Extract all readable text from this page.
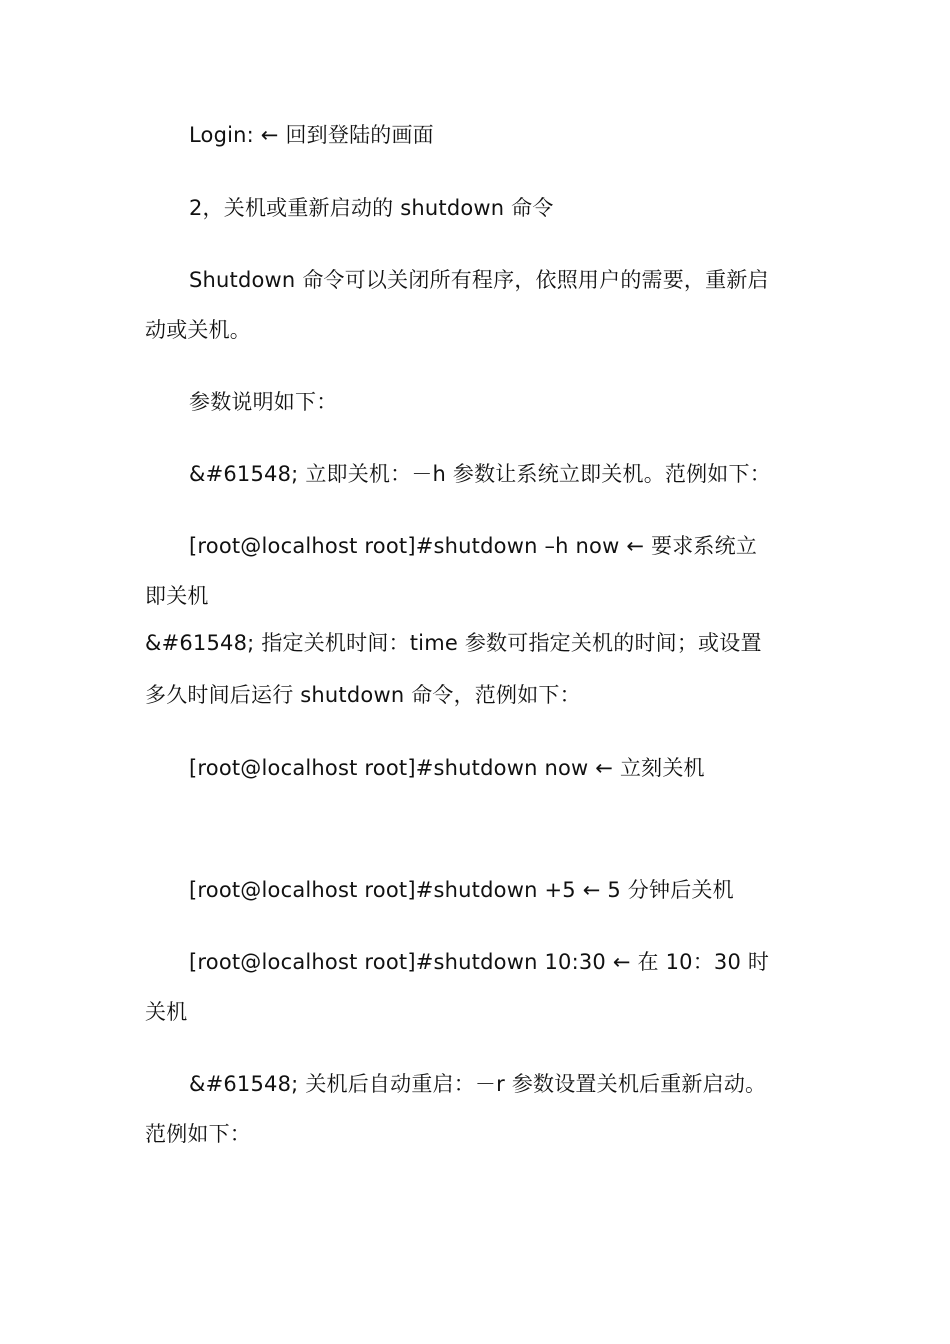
Login: ← 回到登陆的画面
2，关机或重新启动的 shutdown 命令
Shutdown 命令可以关闭所有程序，依照用户的需要，重新启
动或关机。
参数说明如下：
&#61548; 立即关机：－h 参数让系统立即关机。范例如下：
[root@localhost root]#shutdown –h now ← 要求系统立
即关机
&#61548; 指定关机时间：time 参数可指定关机的时间；或设置
多久时间后运行 shutdown 命令，范例如下：
[root@localhost root]#shutdown now ← 立刻关机
[root@localhost root]#shutdown +5 ← 5 分钟后关机
[root@localhost root]#shutdown 10:30 ← 在 10：30 时
关机
&#61548; 关机后自动重启：－r 参数设置关机后重新启动。
范例如下：
